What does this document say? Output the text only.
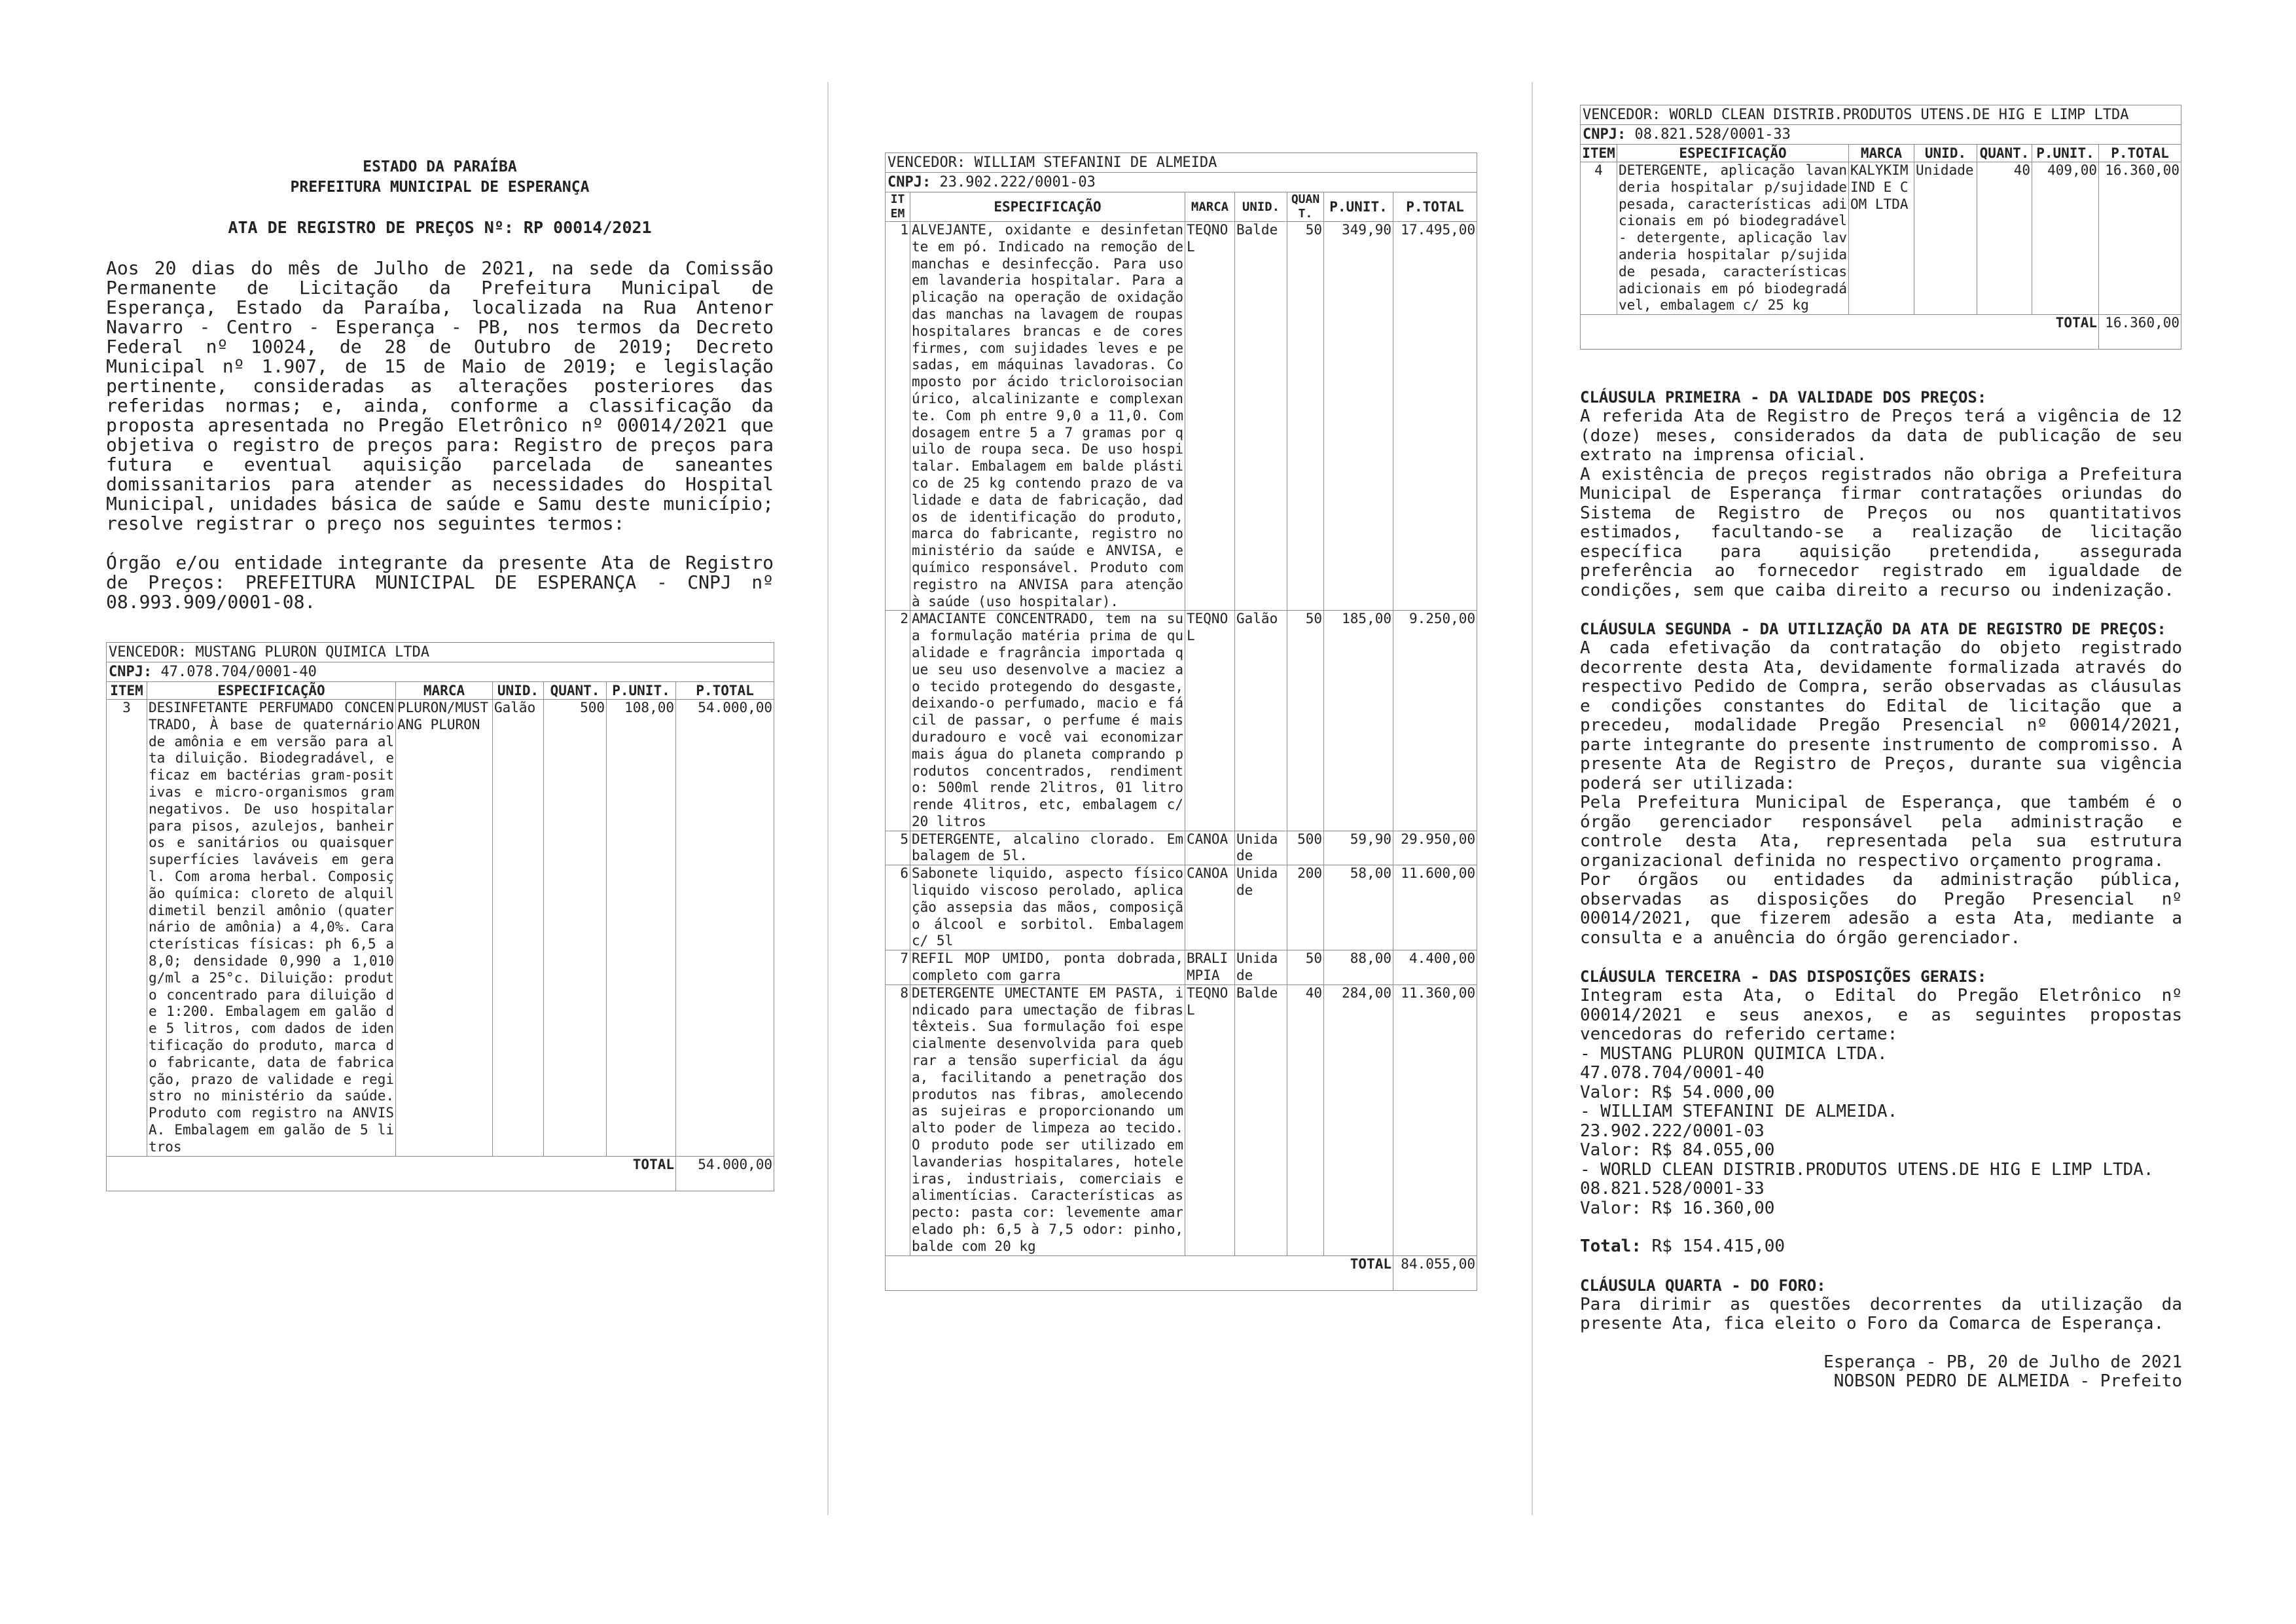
ESTADO DA PARAÍBA
PREFEITURA MUNICIPAL DE ESPERANÇA
ATA DE REGISTRO DE PREÇOS Nº: RP 00014/2021

Aos 20 dias do mês de Julho de 2021, na sede da Comissão Permanente de Licitação da Prefeitura Municipal de Esperança, Estado da Paraíba, localizada na Rua Antenor Navarro - Centro - Esperança - PB, nos termos da Decreto Federal nº 10024, de 28 de Outubro de 2019; Decreto Municipal nº 1.907, de 15 de Maio de 2019; e legislação pertinente, consideradas as alterações posteriores das referidas normas; e, ainda, conforme a classificação da proposta apresentada no Pregão Eletrônico nº 00014/2021 que objetiva o registro de preços para: Registro de preços para futura e eventual aquisição parcelada de saneantes domissanitarios para atender as necessidades do Hospital Municipal, unidades básica de saúde e Samu deste município; resolve registrar o preço nos seguintes termos:

Órgão e/ou entidade integrante da presente Ata de Registro de Preços: PREFEITURA MUNICIPAL DE ESPERANÇA - CNPJ nº 08.993.909/0001-08.

VENCEDOR: MUSTANG PLURON QUIMICA LTDA						
CNPJ: 47.078.704/0001-40						
ITEM	ESPECIFICAÇÃO	MARCA	UNID.	QUANT.	P.UNIT.	P.TOTAL
3	DESINFETANTE PERFUMADO CONCENTRADO, À base de quaternário de amônia e em versão para alta diluição. Biodegradável, eficaz em bactérias gram-positivas e micro-organismos gram negativos. De uso hospitalar para pisos, azulejos, banheiros e sanitários ou quaisquer superfícies laváveis em geral. Com aroma herbal. Composição química: cloreto de alquil dimetil benzil amônio (quaternário de amônia) a 4,0%. Características físicas: ph 6,5 a 8,0; densidade 0,990 a 1,010 g/ml a 25°c. Diluição: produto concentrado para diluição de 1:200. Embalagem em galão de 5 litros, com dados de identificação do produto, marca do fabricante, data de fabricação, prazo de validade e registro no ministério da saúde. Produto com registro na ANVISA. Embalagem em galão de 5 litros	PLURON/MUSTANG PLURON	Galão	500	108,00	54.000,00
TOTAL						54.000,00
VENCEDOR: WILLIAM STEFANINI DE ALMEIDA						
CNPJ: 23.902.222/0001-03						
IT EM	ESPECIFICAÇÃO	MARCA	UNID.	QUAN T.	P.UNIT.	P.TOTAL
1	ALVEJANTE, oxidante e desinfetante em pó. Indicado na remoção de manchas e desinfecção. Para uso em lavanderia hospitalar. Para aplicação na operação de oxidação das manchas na lavagem de roupas hospitalares brancas e de cores firmes, com sujidades leves e pesadas, em máquinas lavadoras. Composto por ácido tricloroisocianúrico, alcalinizante e complexante. Com ph entre 9,0 a 11,0. Com dosagem entre 5 a 7 gramas por quilo de roupa seca. De uso hospitalar. Embalagem em balde plástico de 25 kg contendo prazo de validade e data de fabricação, dados de identificação do produto, marca do fabricante, registro no ministério da saúde e ANVISA, e químico responsável. Produto com registro na ANVISA para atenção à saúde (uso hospitalar).	TEQNOL	Balde	50	349,90	17.495,00
2	AMACIANTE CONCENTRADO, tem na sua formulação matéria prima de qualidade e fragrância importada que seu uso desenvolve a maciez ao tecido protegendo do desgaste, deixando-o perfumado, macio e fácil de passar, o perfume é mais duradouro e você vai economizar mais água do planeta comprando produtos concentrados, rendimento: 500ml rende 2litros, 01 litro rende 4litros, etc, embalagem c/ 20 litros	TEQNOL	Galão	50	185,00	9.250,00
5	DETERGENTE, alcalino clorado. Embalagem de 5l.	CANOA	Unidade	500	59,90	29.950,00
6	Sabonete liquido, aspecto físico liquido viscoso perolado, aplicação assepsia das mãos, composição álcool e sorbitol. Embalagem c/ 5l	CANOA	Unidade	200	58,00	11.600,00
7	REFIL MOP UMIDO, ponta dobrada, completo com garra	BRALIMPIA	Unidade	50	88,00	4.400,00
8	DETERGENTE UMECTANTE EM PASTA, indicado para umectação de fibras têxteis. Sua formulação foi especialmente desenvolvida para quebrar a tensão superficial da água, facilitando a penetração dos produtos nas fibras, amolecendo as sujeiras e proporcionando um alto poder de limpeza ao tecido. O produto pode ser utilizado em lavanderias hospitalares, hoteleiras, industriais, comerciais e alimentícias. Características aspecto: pasta cor: levemente amarelado ph: 6,5 à 7,5 odor: pinho, balde com 20 kg	TEQNOL	Balde	40	284,00	11.360,00
TOTAL						84.055,00
VENCEDOR: WORLD CLEAN DISTRIB.PRODUTOS UTENS.DE HIG E LIMP LTDA						
CNPJ: 08.821.528/0001-33						
ITEM	ESPECIFICAÇÃO	MARCA	UNID.	QUANT.	P.UNIT.	P.TOTAL
4	DETERGENTE, aplicação lavanderia hospitalar p/sujidade pesada, características adicionais em pó biodegradável - detergente, aplicação lavanderia hospitalar p/sujidade pesada, características adicionais em pó biodegradável, embalagem c/ 25 kg	KALYKIM IND E COM LTDA	Unidade	40	409,00	16.360,00
TOTAL						16.360,00

CLÁUSULA PRIMEIRA - DA VALIDADE DOS PREÇOS:

A referida Ata de Registro de Preços terá a vigência de 12 (doze) meses, considerados da data de publicação de seu extrato na imprensa oficial.

A existência de preços registrados não obriga a Prefeitura Municipal de Esperança firmar contratações oriundas do Sistema de Registro de Preços ou nos quantitativos estimados, facultando-se a realização de licitação específica para aquisição pretendida, assegurada preferência ao fornecedor registrado em igualdade de condições, sem que caiba direito a recurso ou indenização.

CLÁUSULA SEGUNDA - DA UTILIZAÇÃO DA ATA DE REGISTRO DE PREÇOS:

A cada efetivação da contratação do objeto registrado decorrente desta Ata, devidamente formalizada através do respectivo Pedido de Compra, serão observadas as cláusulas e condições constantes do Edital de licitação que a precedeu, modalidade Pregão Presencial nº 00014/2021, parte integrante do presente instrumento de compromisso. A presente Ata de Registro de Preços, durante sua vigência poderá ser utilizada:

Pela Prefeitura Municipal de Esperança, que também é o órgão gerenciador responsável pela administração e controle desta Ata, representada pela sua estrutura organizacional definida no respectivo orçamento programa.

Por órgãos ou entidades da administração pública, observadas as disposições do Pregão Presencial nº 00014/2021, que fizerem adesão a esta Ata, mediante a consulta e a anuência do órgão gerenciador.

CLÁUSULA TERCEIRA - DAS DISPOSIÇÕES GERAIS:

Integram esta Ata, o Edital do Pregão Eletrônico nº 00014/2021 e seus anexos, e as seguintes propostas vencedoras do referido certame:

- MUSTANG PLURON QUIMICA LTDA.
47.078.704/0001-40
Valor: R$ 54.000,00
- WILLIAM STEFANINI DE ALMEIDA.
23.902.222/0001-03
Valor: R$ 84.055,00
- WORLD CLEAN DISTRIB.PRODUTOS UTENS.DE HIG E LIMP LTDA.
08.821.528/0001-33
Valor: R$ 16.360,00
Total: R$ 154.415,00

CLÁUSULA QUARTA - DO FORO:

Para dirimir as questões decorrentes da utilização da presente Ata, fica eleito o Foro da Comarca de Esperança.

Esperança - PB, 20 de Julho de 2021
NOBSON PEDRO DE ALMEIDA - Prefeito
